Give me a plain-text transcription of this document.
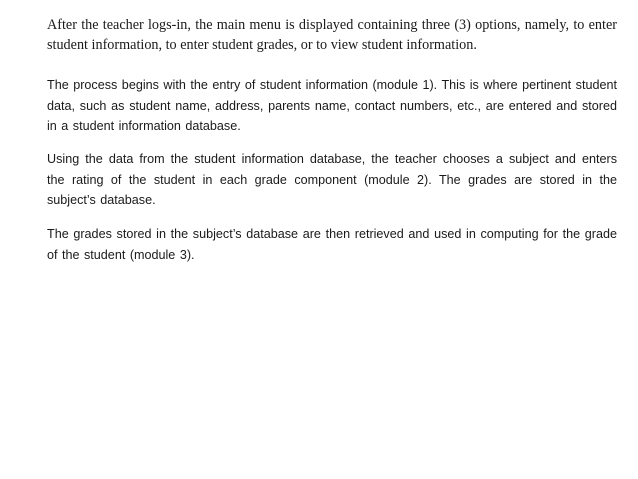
After the teacher logs-in, the main menu is displayed containing three (3) options, namely, to enter student information, to enter student grades, or to view student information.

The process begins with the entry of student information (module 1). This is where pertinent student data, such as student name, address, parents name, contact numbers, etc., are entered and stored in a student information database.

Using the data from the student information database, the teacher chooses a subject and enters the rating of the student in each grade component (module 2). The grades are stored in the subject’s database.

The grades stored in the subject’s database are then retrieved and used in computing for the grade of the student (module 3).
